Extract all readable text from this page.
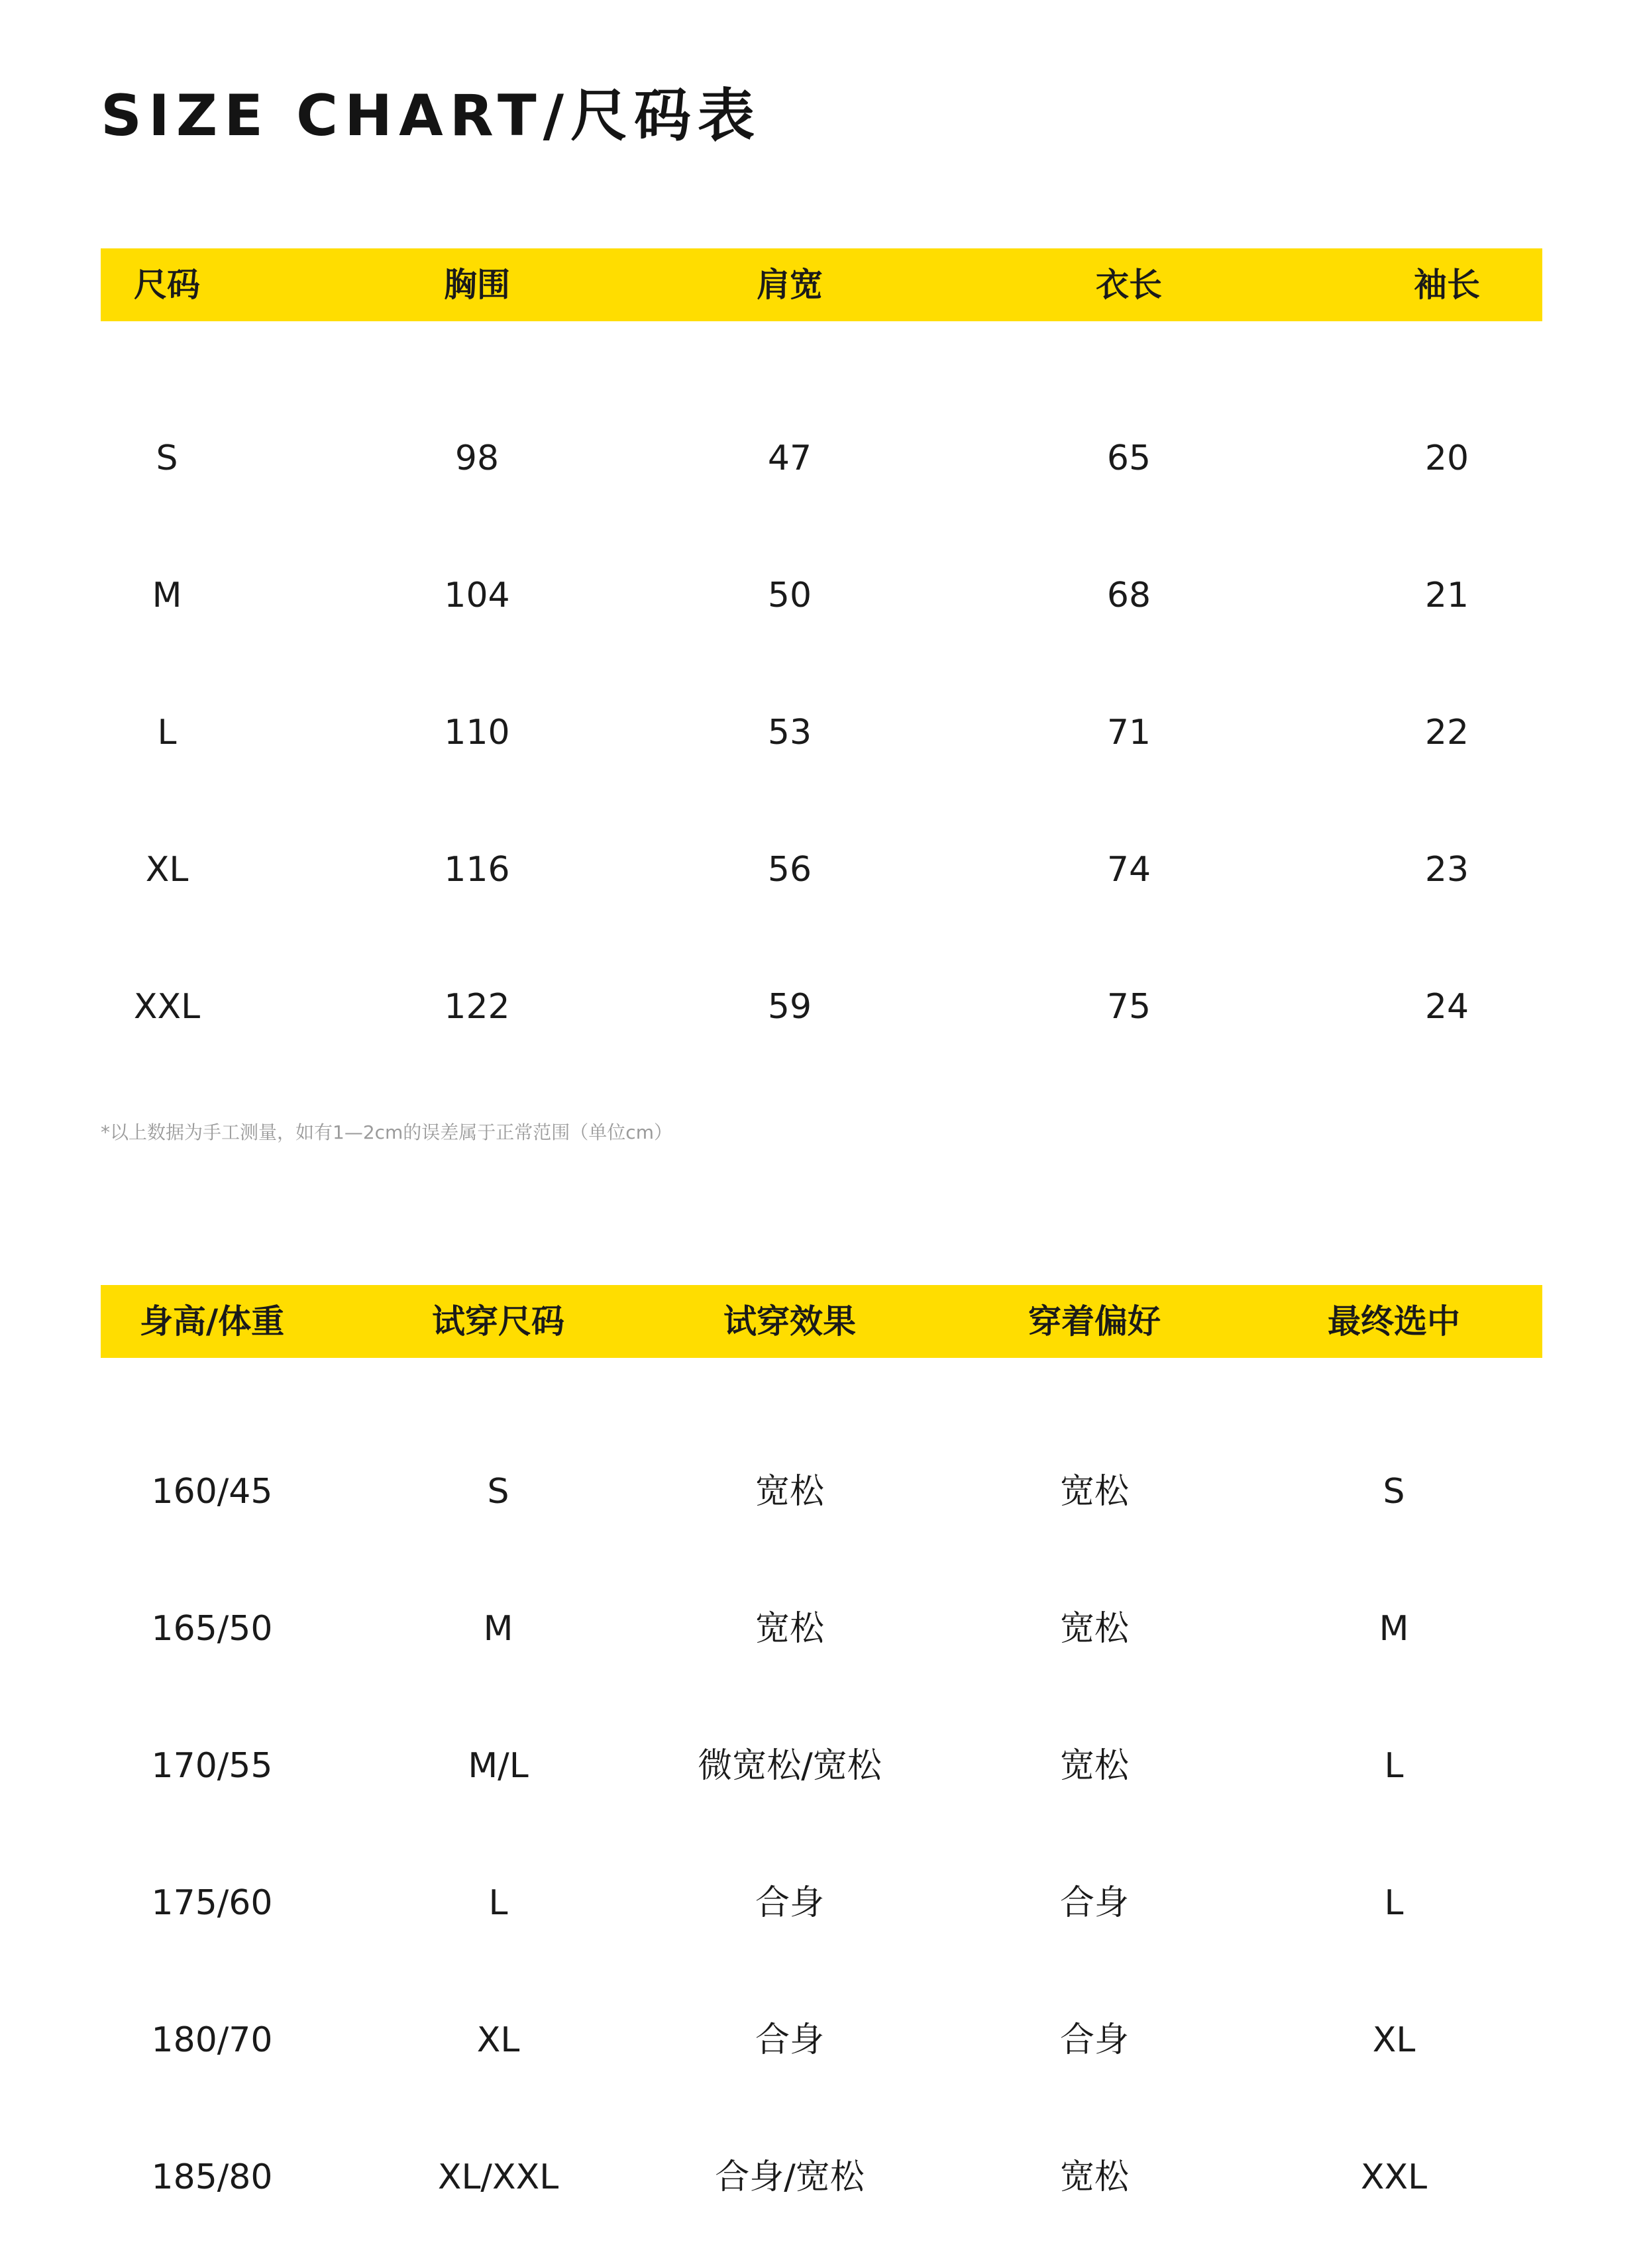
SIZE CHART/尺码表
尺码	胸围	肩宽	衣长	袖长
S	98	47	65	20
M	104	50	68	21
L	110	53	71	22
XL	116	56	74	23
XXL	122	59	75	24
*以上数据为手工测量，如有1—2cm的误差属于正常范围（单位cm）
身高/体重	试穿尺码	试穿效果	穿着偏好	最终选中
160/45	S	宽松	宽松	S
165/50	M	宽松	宽松	M
170/55	M/L	微宽松/宽松	宽松	L
175/60	L	合身	合身	L
180/70	XL	合身	合身	XL
185/80	XL/XXL	合身/宽松	宽松	XXL
